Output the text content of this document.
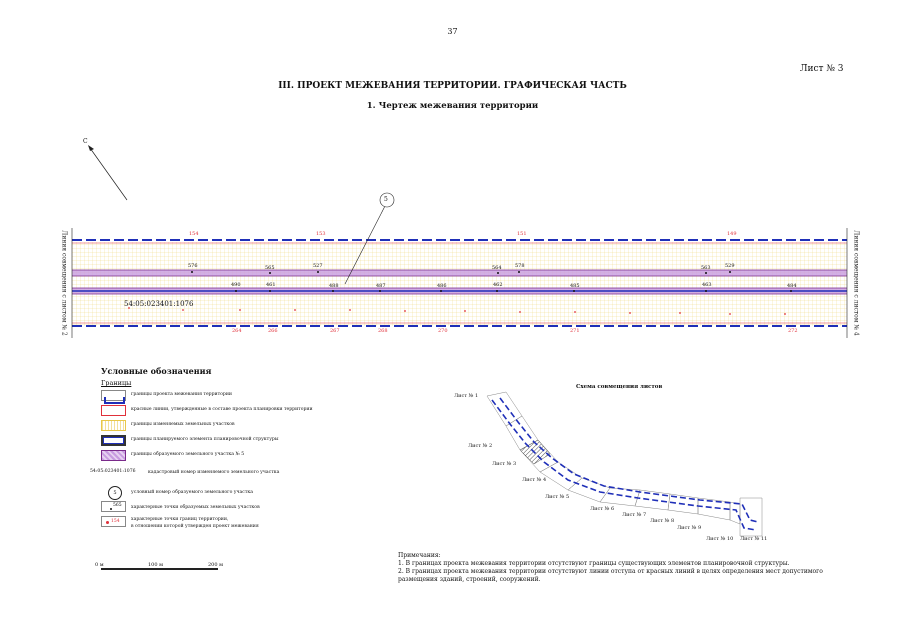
37
Лист № 3
III. ПРОЕКТ МЕЖЕВАНИЯ ТЕРРИТОРИИ. ГРАФИЧЕСКАЯ ЧАСТЬ
1. Чертеж межевания территории
С
5
54:05:023401:1076
Линия совмещения с листом № 2	Линия совмещения с листом № 4
154	153	151	149
576	565	527	564	578	563	529
490	461	488	487	486	462	485	463	484
264	266	267	268	270	271	272
Условные обозначения
Границы
границы проекта межевания территории
красные линии, утвержденные в составе проекта планировки территории
границы изменяемых земельных участков
границы планируемого элемента планировочной структуры
границы образуемого земельного участка № 5
54:05:023401:1076	кадастровый номер изменяемого земельного участка
5	условный номер образуемого земельного участка
565 характерные точки образуемых земельных участков
154 характерные точки границ территории,
в отношении которой утвержден проект межевания
0 м	100 м	200 м
Схема совмещения листов
Лист № 1
Лист № 2
Лист № 3
Лист № 4
Лист № 5
Лист № 6
Лист № 7
Лист № 8
Лист № 9
Лист № 10 Лист № 11
Примечания:
1. В границах проекта межевания территории отсутствуют границы существующих элементов планировочной структуры.
2. В границах проекта межевания территории отсутствуют линии отступа от красных линий в целях определения мест допустимого
размещения зданий, строений, сооружений.
